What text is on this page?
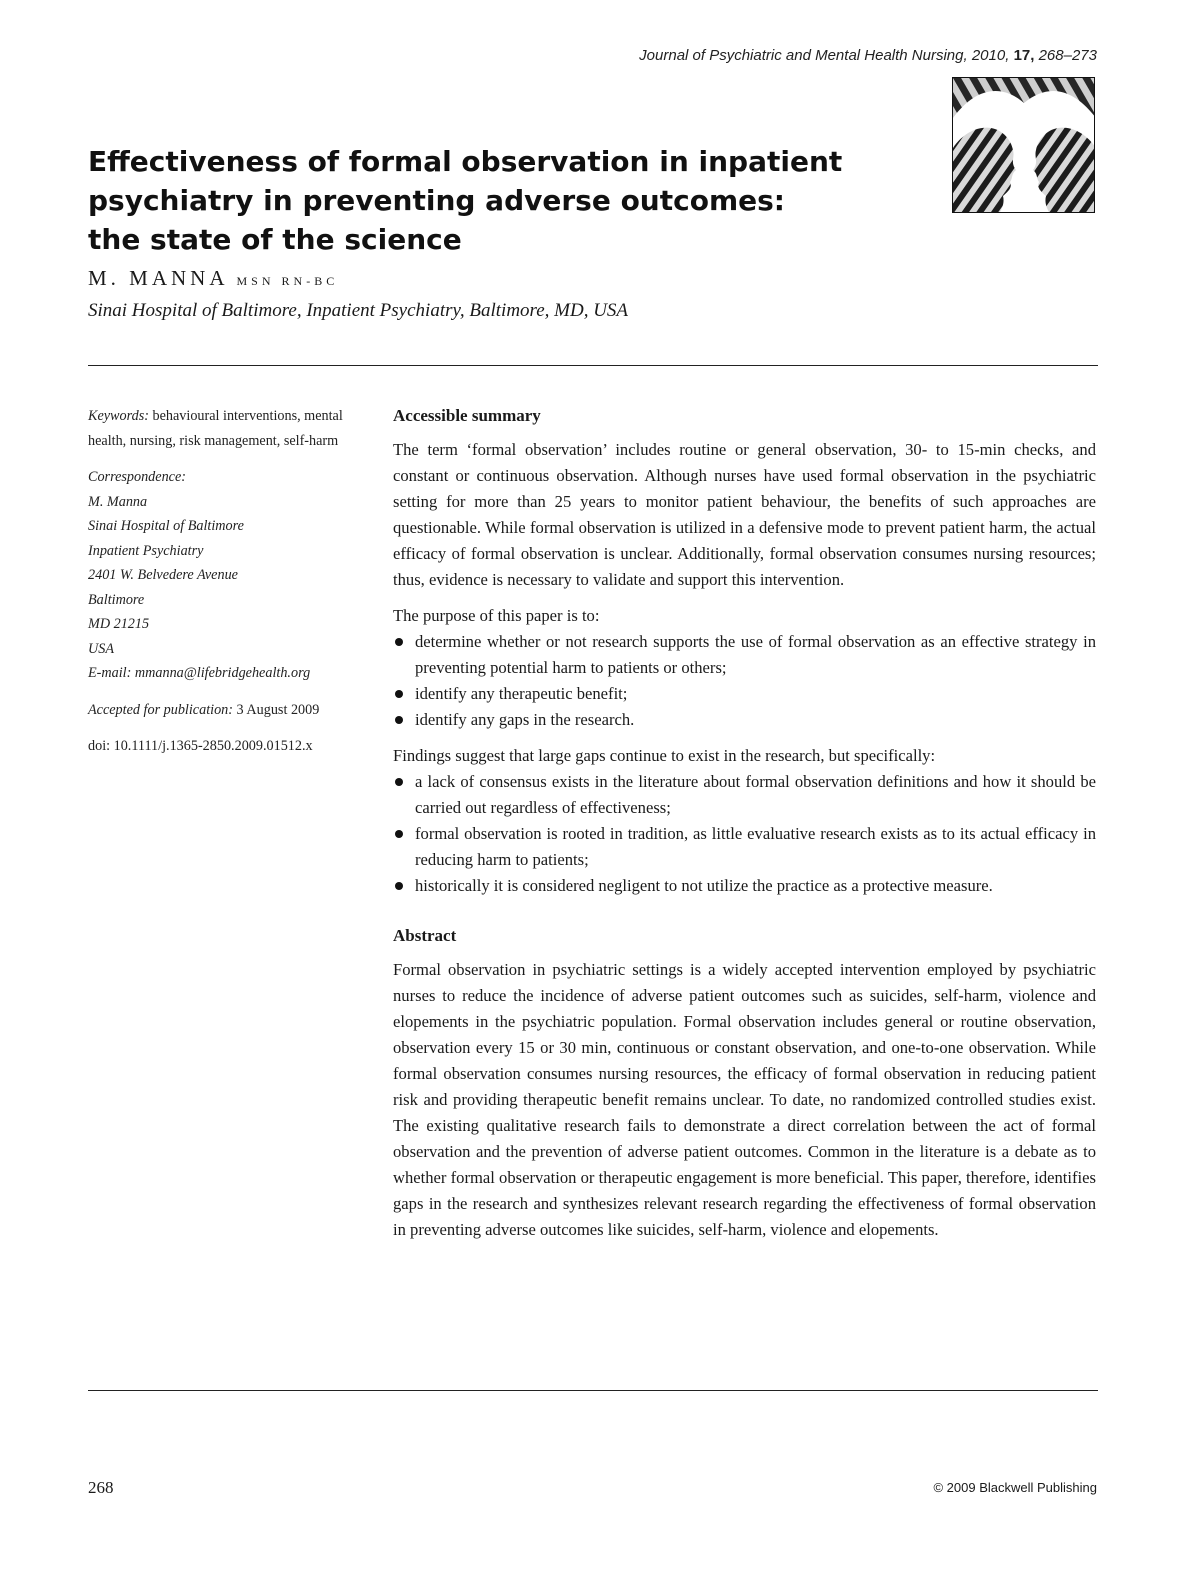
Journal of Psychiatric and Mental Health Nursing, 2010, 17, 268–273
Effectiveness of formal observation in inpatient
psychiatry in preventing adverse outcomes:
the state of the science
M. MANNA MSN RN-BC
Sinai Hospital of Baltimore, Inpatient Psychiatry, Baltimore, MD, USA

Keywords: behavioural interventions, mental health, nursing, risk management, self-harm

Correspondence:
M. Manna
Sinai Hospital of Baltimore
Inpatient Psychiatry
2401 W. Belvedere Avenue
Baltimore
MD 21215
USA
E-mail: mmanna@lifebridgehealth.org

Accepted for publication: 3 August 2009

doi: 10.1111/j.1365-2850.2009.01512.x

Accessible summary

The term ‘formal observation’ includes routine or general observation, 30- to 15-min checks, and constant or continuous observation. Although nurses have used formal observation in the psychiatric setting for more than 25 years to monitor patient behaviour, the benefits of such approaches are questionable. While formal observation is utilized in a defensive mode to prevent patient harm, the actual efficacy of formal observation is unclear. Additionally, formal observation consumes nursing resources; thus, evidence is necessary to validate and support this intervention.

The purpose of this paper is to:

determine whether or not research supports the use of formal observation as an effective strategy in preventing potential harm to patients or others;
identify any therapeutic benefit;
identify any gaps in the research.

Findings suggest that large gaps continue to exist in the research, but specifically:

a lack of consensus exists in the literature about formal observation definitions and how it should be carried out regardless of effectiveness;
formal observation is rooted in tradition, as little evaluative research exists as to its actual efficacy in reducing harm to patients;
historically it is considered negligent to not utilize the practice as a protective measure.
Abstract

Formal observation in psychiatric settings is a widely accepted intervention employed by psychiatric nurses to reduce the incidence of adverse patient outcomes such as suicides, self-harm, violence and elopements in the psychiatric population. Formal observation includes general or routine observation, observation every 15 or 30 min, continuous or constant observation, and one-to-one observation. While formal observation consumes nursing resources, the efficacy of formal observation in reducing patient risk and providing therapeutic benefit remains unclear. To date, no randomized controlled studies exist. The existing qualitative research fails to demonstrate a direct correlation between the act of formal observation and the prevention of adverse patient outcomes. Common in the literature is a debate as to whether formal observation or therapeutic engagement is more beneficial. This paper, therefore, identifies gaps in the research and synthesizes relevant research regarding the effectiveness of formal observation in preventing adverse outcomes like suicides, self-harm, violence and elopements.

268	© 2009 Blackwell Publishing
